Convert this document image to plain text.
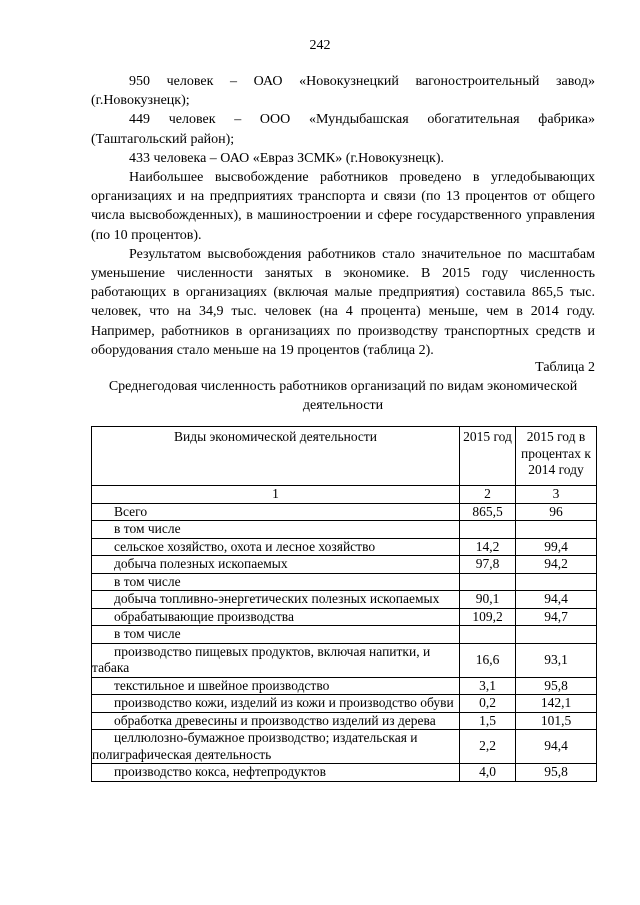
242

950 человек – ОАО «Новокузнецкий вагоностроительный завод» (г.Новокузнецк);

449 человек – ООО «Мундыбашская обогатительная фабрика» (Таштагольский район);

433 человека – ОАО «Евраз ЗСМК» (г.Новокузнецк).

Наибольшее высвобождение работников проведено в угледобывающих организациях и на предприятиях транспорта и связи (по 13 процентов от общего числа высвобожденных), в машиностроении и сфере государственного управления (по 10 процентов).

Результатом высвобождения работников стало значительное по масштабам уменьшение численности занятых в экономике. В 2015 году численность работающих в организациях (включая малые предприятия) составила 865,5 тыс. человек, что на 34,9 тыс. человек (на 4 процента) меньше, чем в 2014 году. Например, работников в организациях по производству транспортных средств и оборудования стало меньше на 19 процентов (таблица 2).

Таблица 2
Среднегодовая численность работников организаций по видам экономической деятельности
Виды экономической деятельности	2015 год	2015 год в процентах к 2014 году
1	2	3

Всего	865,5	96

в том числе		

сельское хозяйство, охота и лесное хозяйство	14,2	99,4

добыча полезных ископаемых	97,8	94,2

в том числе		

добыча топливно-энергетических полезных ископаемых	90,1	94,4

обрабатывающие производства	109,2	94,7

в том числе		

производство пищевых продуктов, включая напитки, и табака	16,6	93,1

текстильное и швейное производство	3,1	95,8

производство кожи, изделий из кожи и производство обуви	0,2	142,1

обработка древесины и производство изделий из дерева	1,5	101,5

целлюлозно-бумажное производство; издательская и полиграфическая деятельность	2,2	94,4

производство кокса, нефтепродуктов	4,0	95,8
